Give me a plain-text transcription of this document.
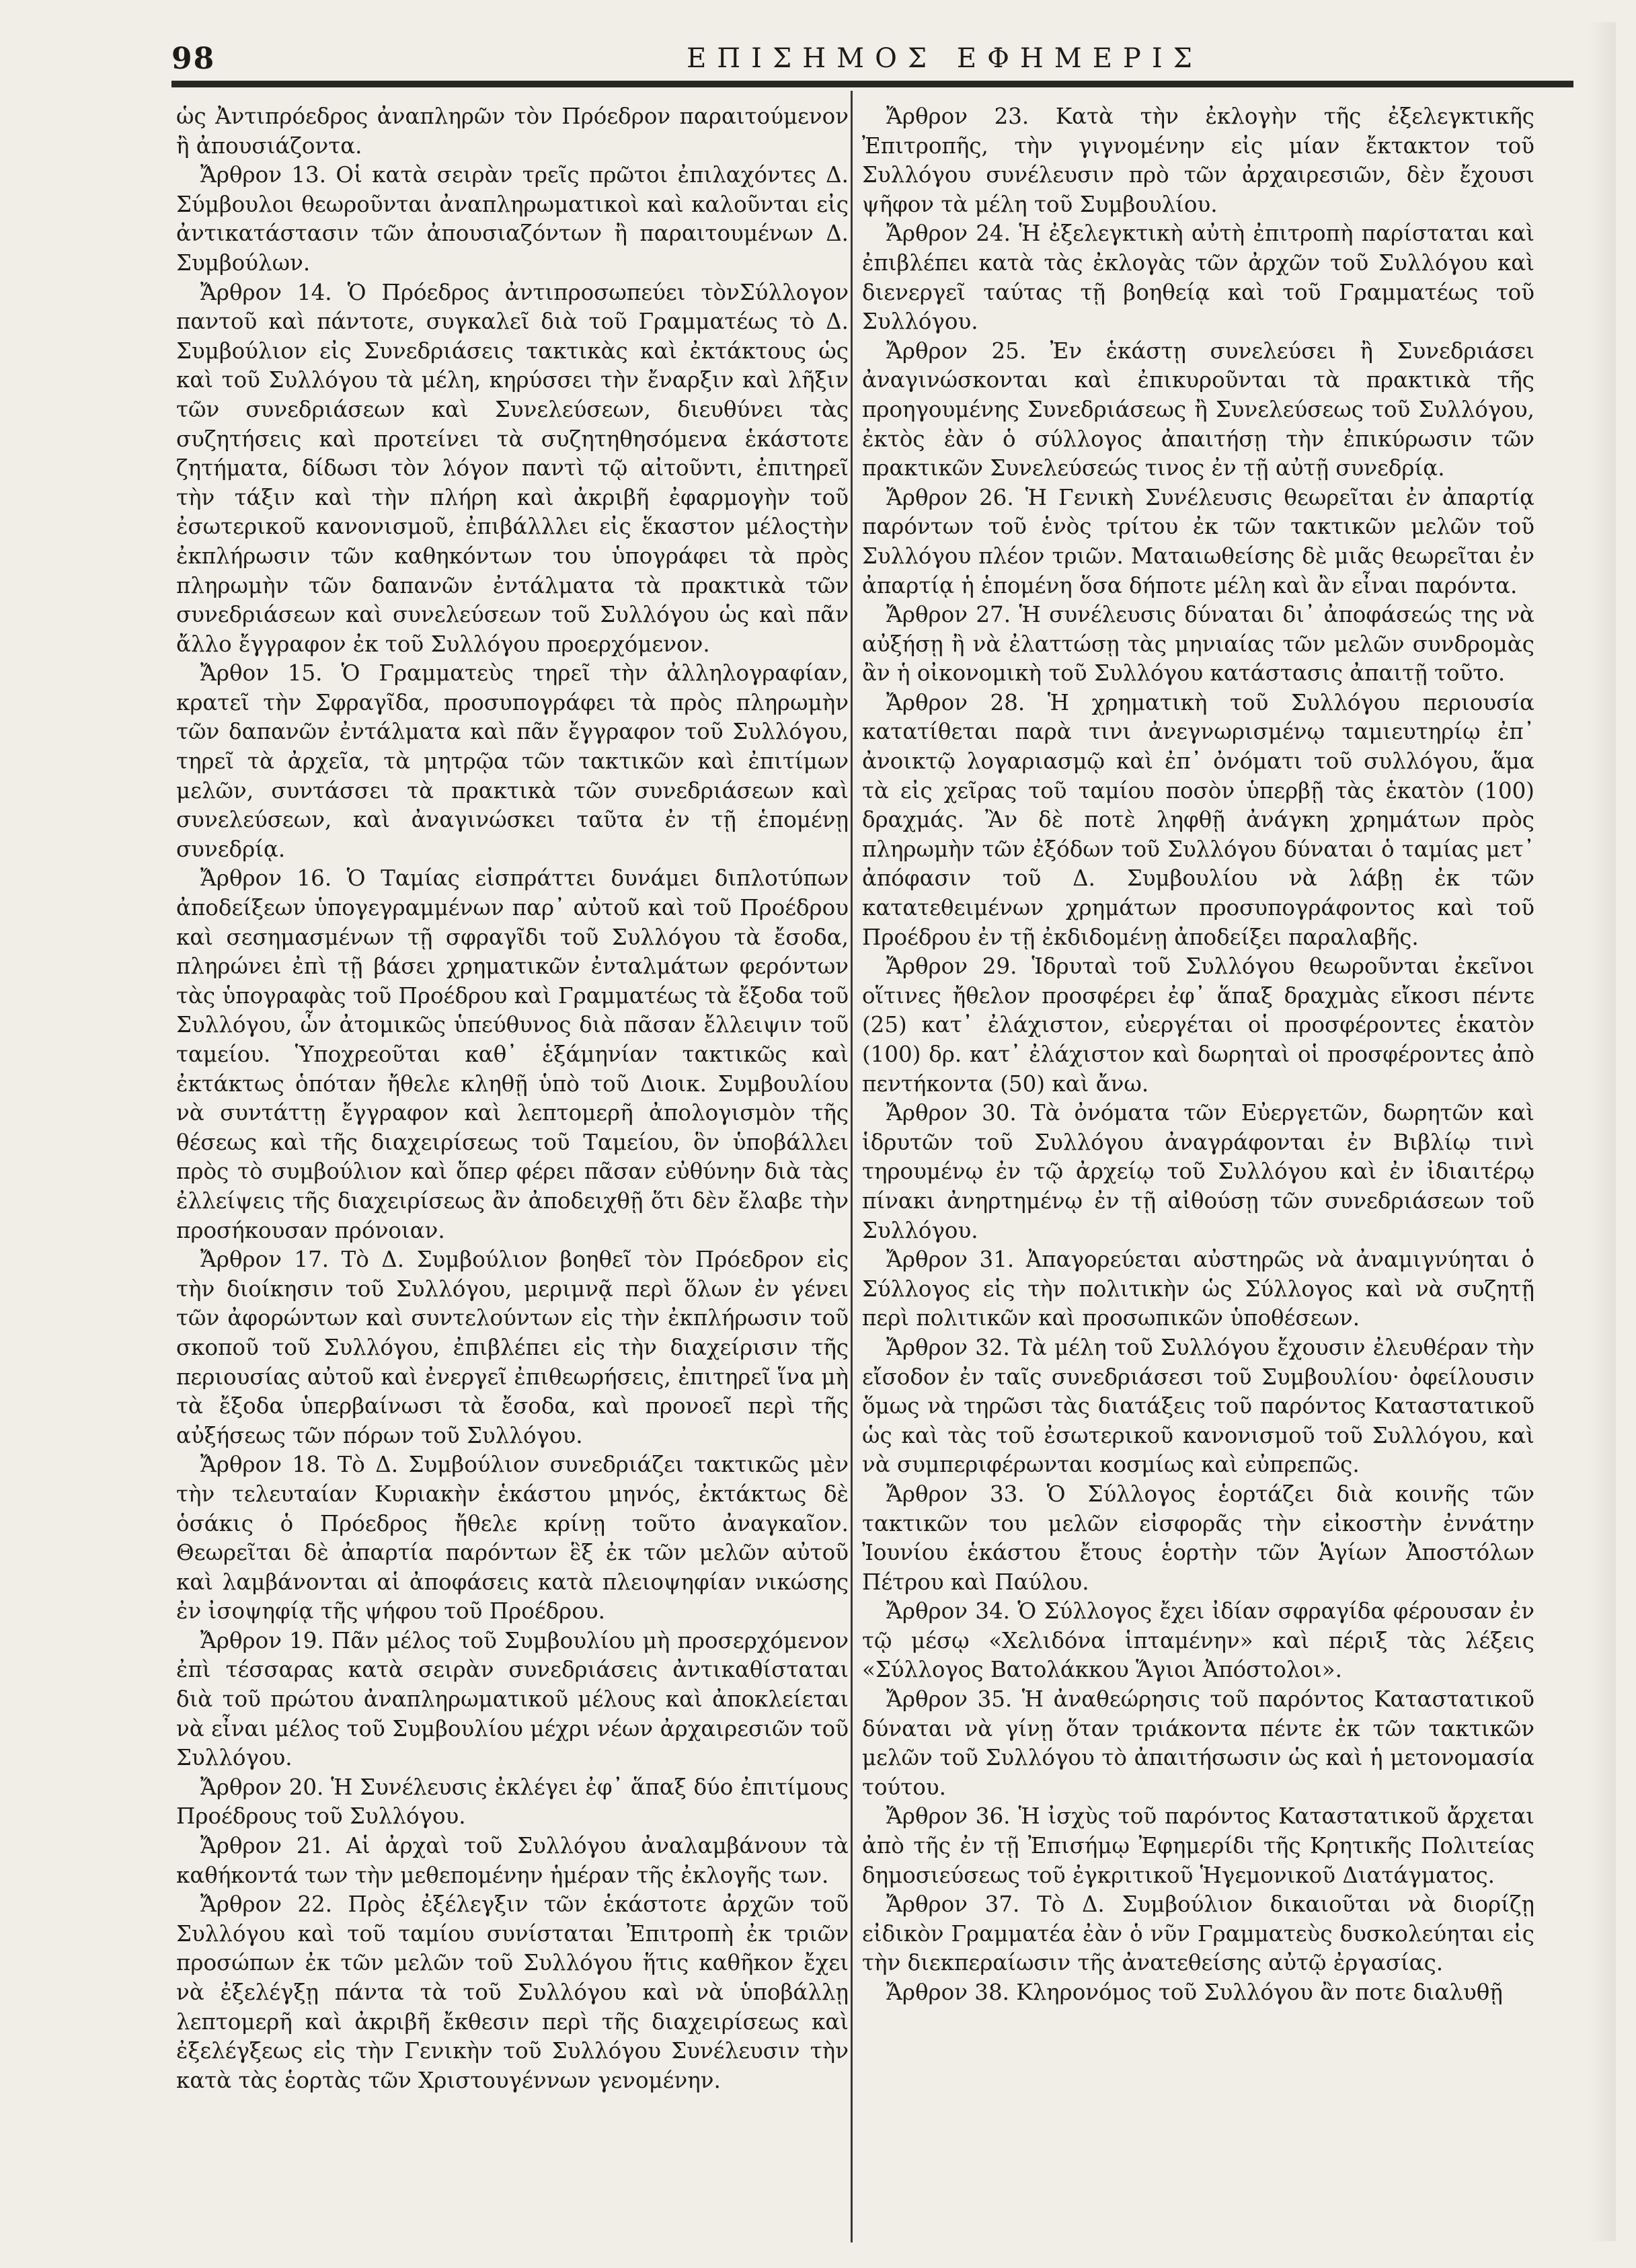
98	ΕΠΙΣΗΜΟΣ ΕΦΗΜΕΡΙΣ

ὡς Ἀντιπρόεδρος ἀναπληρῶν τὸν Πρόεδρον παραιτούμενον ἢ ἀπουσιάζοντα.

Ἄρθρον 13. Οἱ κατὰ σειρὰν τρεῖς πρῶτοι ἐπιλαχόντες Δ. Σύμβουλοι θεωροῦνται ἀναπληρωματικοὶ καὶ καλοῦνται εἰς ἀντικατάστασιν τῶν ἀπουσιαζόντων ἢ παραιτουμένων Δ. Συμβούλων.

Ἄρθρον 14. Ὁ Πρόεδρος ἀντιπροσωπεύει τὸνΣύλλογον παντοῦ καὶ πάντοτε, συγκαλεῖ διὰ τοῦ Γραμματέως τὸ Δ. Συμβούλιον εἰς Συνεδριάσεις τακτικὰς καὶ ἐκτάκτους ὡς καὶ τοῦ Συλλόγου τὰ μέλη, κηρύσσει τὴν ἔναρξιν καὶ λῆξιν τῶν συνεδριάσεων καὶ Συνελεύσεων, διευθύνει τὰς συζητήσεις καὶ προτείνει τὰ συζητηθησόμενα ἑκάστοτε ζητήματα, δίδωσι τὸν λόγον παντὶ τῷ αἰτοῦντι, ἐπιτηρεῖ τὴν τάξιν καὶ τὴν πλήρη καὶ ἀκριβῆ ἐφαρμογὴν τοῦ ἐσωτερικοῦ κανονισμοῦ, ἐπιβάλλλει εἰς ἕκαστον μέλοςτὴν ἐκπλήρωσιν τῶν καθηκόντων του ὑπογράφει τὰ πρὸς πληρωμὴν τῶν δαπανῶν ἐντάλματα τὰ πρακτικὰ τῶν συνεδριάσεων καὶ συνελεύσεων τοῦ Συλλόγου ὡς καὶ πᾶν ἄλλο ἔγγραφον ἐκ τοῦ Συλλόγου προερχόμενον.

Ἄρθον 15. Ὁ Γραμματεὺς τηρεῖ τὴν ἀλληλογραφίαν, κρατεῖ τὴν Σφραγῖδα, προσυπογράφει τὰ πρὸς πληρωμὴν τῶν δαπανῶν ἐντάλματα καὶ πᾶν ἔγγραφον τοῦ Συλλόγου, τηρεῖ τὰ ἀρχεῖα, τὰ μητρῷα τῶν τακτικῶν καὶ ἐπιτίμων μελῶν, συντάσσει τὰ πρακτικὰ τῶν συνεδριάσεων καὶ συνελεύσεων, καὶ ἀναγινώσκει ταῦτα ἐν τῇ ἑπομένῃ συνεδρίᾳ.

Ἄρθρον 16. Ὁ Ταμίας εἰσπράττει δυνάμει διπλοτύπων ἀποδείξεων ὑπογεγραμμένων παρ᾽ αὐτοῦ καὶ τοῦ Προέδρου καὶ σεσημασμένων τῇ σφραγῖδι τοῦ Συλλόγου τὰ ἔσοδα, πληρώνει ἐπὶ τῇ βάσει χρηματικῶν ἐνταλμάτων φερόντων τὰς ὑπογραφὰς τοῦ Προέδρου καὶ Γραμματέως τὰ ἔξοδα τοῦ Συλλόγου, ὧν ἀτομικῶς ὑπεύθυνος διὰ πᾶσαν ἔλλειψιν τοῦ ταμείου. Ὑποχρεοῦται καθ᾽ ἑξάμηνίαν τακτικῶς καὶ ἐκτάκτως ὁπόταν ἤθελε κληθῇ ὑπὸ τοῦ Διοικ. Συμβουλίου νὰ συντάττῃ ἔγγραφον καὶ λεπτομερῆ ἀπολογισμὸν τῆς θέσεως καὶ τῆς διαχειρίσεως τοῦ Ταμείου, ὃν ὑποβάλλει πρὸς τὸ συμβούλιον καὶ ὅπερ φέρει πᾶσαν εὐθύνην διὰ τὰς ἐλλείψεις τῆς διαχειρίσεως ἂν ἀποδειχθῇ ὅτι δὲν ἔλαβε τὴν προσήκουσαν πρόνοιαν.

Ἄρθρον 17. Τὸ Δ. Συμβούλιον βοηθεῖ τὸν Πρόεδρον εἰς τὴν διοίκησιν τοῦ Συλλόγου, μεριμνᾷ περὶ ὅλων ἐν γένει τῶν ἀφορώντων καὶ συντελούντων εἰς τὴν ἐκπλήρωσιν τοῦ σκοποῦ τοῦ Συλλόγου, ἐπιβλέπει εἰς τὴν διαχείρισιν τῆς περιουσίας αὐτοῦ καὶ ἐνεργεῖ ἐπιθεωρήσεις, ἐπιτηρεῖ ἵνα μὴ τὰ ἔξοδα ὑπερβαίνωσι τὰ ἔσοδα, καὶ προνοεῖ περὶ τῆς αὐξήσεως τῶν πόρων τοῦ Συλλόγου.

Ἄρθρον 18. Τὸ Δ. Συμβούλιον συνεδριάζει τακτικῶς μὲν τὴν τελευταίαν Κυριακὴν ἑκάστου μηνός, ἐκτάκτως δὲ ὁσάκις ὁ Πρόεδρος ἤθελε κρίνῃ τοῦτο ἀναγκαῖον. Θεωρεῖται δὲ ἀπαρτία παρόντων ἓξ ἐκ τῶν μελῶν αὐτοῦ καὶ λαμβάνονται αἱ ἀποφάσεις κατὰ πλειοψηφίαν νικώσης ἐν ἰσοψηφίᾳ τῆς ψήφου τοῦ Προέδρου.

Ἄρθρον 19. Πᾶν μέλος τοῦ Συμβουλίου μὴ προσερχόμενον ἐπὶ τέσσαρας κατὰ σειρὰν συνεδριάσεις ἀντικαθίσταται διὰ τοῦ πρώτου ἀναπληρωματικοῦ μέλους καὶ ἀποκλείεται νὰ εἶναι μέλος τοῦ Συμβουλίου μέχρι νέων ἀρχαιρεσιῶν τοῦ Συλλόγου.

Ἄρθρον 20. Ἡ Συνέλευσις ἐκλέγει ἐφ᾽ ἅπαξ δύο ἐπιτίμους Προέδρους τοῦ Συλλόγου.

Ἄρθρον 21. Αἱ ἀρχαὶ τοῦ Συλλόγου ἀναλαμβάνουν τὰ καθήκοντά των τὴν μεθεπομένην ἡμέραν τῆς ἐκλογῆς των.

Ἄρθρον 22. Πρὸς ἐξέλεγξιν τῶν ἑκάστοτε ἀρχῶν τοῦ Συλλόγου καὶ τοῦ ταμίου συνίσταται Ἐπιτροπὴ ἐκ τριῶν προσώπων ἐκ τῶν μελῶν τοῦ Συλλόγου ἥτις καθῆκον ἔχει νὰ ἐξελέγξῃ πάντα τὰ τοῦ Συλλόγου καὶ νὰ ὑποβάλλῃ λεπτομερῆ καὶ ἀκριβῆ ἔκθεσιν περὶ τῆς διαχειρίσεως καὶ ἐξελέγξεως εἰς τὴν Γενικὴν τοῦ Συλλόγου Συνέλευσιν τὴν κατὰ τὰς ἑορτὰς τῶν Χριστουγέννων γενομένην.

Ἄρθρον 23. Κατὰ τὴν ἐκλογὴν τῆς ἐξελεγκτικῆς Ἐπιτροπῆς, τὴν γιγνομένην εἰς μίαν ἔκτακτον τοῦ Συλλόγου συνέλευσιν πρὸ τῶν ἀρχαιρεσιῶν, δὲν ἔχουσι ψῆφον τὰ μέλη τοῦ Συμβουλίου.

Ἄρθρον 24. Ἡ ἐξελεγκτικὴ αὐτὴ ἐπιτροπὴ παρίσταται καὶ ἐπιβλέπει κατὰ τὰς ἐκλογὰς τῶν ἀρχῶν τοῦ Συλλόγου καὶ διενεργεῖ ταύτας τῇ βοηθείᾳ καὶ τοῦ Γραμματέως τοῦ Συλλόγου.

Ἄρθρον 25. Ἐν ἑκάστῃ συνελεύσει ἢ Συνεδριάσει ἀναγινώσκονται καὶ ἐπικυροῦνται τὰ πρακτικὰ τῆς προηγουμένης Συνεδριάσεως ἢ Συνελεύσεως τοῦ Συλλόγου, ἐκτὸς ἐὰν ὁ σύλλογος ἀπαιτήσῃ τὴν ἐπικύρωσιν τῶν πρακτικῶν Συνελεύσεώς τινος ἐν τῇ αὐτῇ συνεδρίᾳ.

Ἄρθρον 26. Ἡ Γενικὴ Συνέλευσις θεωρεῖται ἐν ἀπαρτίᾳ παρόντων τοῦ ἑνὸς τρίτου ἐκ τῶν τακτικῶν μελῶν τοῦ Συλλόγου πλέον τριῶν. Ματαιωθείσης δὲ μιᾶς θεωρεῖται ἐν ἀπαρτίᾳ ἡ ἑπομένη ὅσα δήποτε μέλη καὶ ἂν εἶναι παρόντα.

Ἄρθρον 27. Ἡ συνέλευσις δύναται δι᾽ ἀποφάσεώς της νὰ αὐξήσῃ ἢ νὰ ἐλαττώσῃ τὰς μηνιαίας τῶν μελῶν συνδρομὰς ἂν ἡ οἰκονομικὴ τοῦ Συλλόγου κατάστασις ἀπαιτῇ τοῦτο.

Ἄρθρον 28. Ἡ χρηματικὴ τοῦ Συλλόγου περιουσία κατατίθεται παρὰ τινι ἀνεγνωρισμένῳ ταμιευτηρίῳ ἐπ᾽ ἀνοικτῷ λογαριασμῷ καὶ ἐπ᾽ ὀνόματι τοῦ συλλόγου, ἅμα τὰ εἰς χεῖρας τοῦ ταμίου ποσὸν ὑπερβῇ τὰς ἑκατὸν (100) δραχμάς. Ἂν δὲ ποτὲ ληφθῇ ἀνάγκη χρημάτων πρὸς πληρωμὴν τῶν ἐξόδων τοῦ Συλλόγου δύναται ὁ ταμίας μετ᾽ ἀπόφασιν τοῦ Δ. Συμβουλίου νὰ λάβῃ ἐκ τῶν κατατεθειμένων χρημάτων προσυπογράφοντος καὶ τοῦ Προέδρου ἐν τῇ ἐκδιδομένῃ ἀποδείξει παραλαβῆς.

Ἄρθρον 29. Ἱδρυταὶ τοῦ Συλλόγου θεωροῦνται ἐκεῖνοι οἵτινες ἤθελον προσφέρει ἐφ᾽ ἅπαξ δραχμὰς εἴκοσι πέντε (25) κατ᾽ ἐλάχιστον, εὐεργέται οἱ προσφέροντες ἑκατὸν (100) δρ. κατ᾽ ἐλάχιστον καὶ δωρηταὶ οἱ προσφέροντες ἀπὸ πεντήκοντα (50) καὶ ἄνω.

Ἄρθρον 30. Τὰ ὀνόματα τῶν Εὐεργετῶν, δωρητῶν καὶ ἱδρυτῶν τοῦ Συλλόγου ἀναγράφονται ἐν Βιβλίῳ τινὶ τηρουμένῳ ἐν τῷ ἀρχείῳ τοῦ Συλλόγου καὶ ἐν ἰδιαιτέρῳ πίνακι ἀνηρτημένῳ ἐν τῇ αἰθούσῃ τῶν συνεδριάσεων τοῦ Συλλόγου.

Ἄρθρον 31. Ἀπαγορεύεται αὐστηρῶς νὰ ἀναμιγνύηται ὁ Σύλλογος εἰς τὴν πολιτικὴν ὡς Σύλλογος καὶ νὰ συζητῇ περὶ πολιτικῶν καὶ προσωπικῶν ὑποθέσεων.

Ἄρθρον 32. Τὰ μέλη τοῦ Συλλόγου ἔχουσιν ἐλευθέραν τὴν εἴσοδον ἐν ταῖς συνεδριάσεσι τοῦ Συμβουλίου· ὀφείλουσιν ὅμως νὰ τηρῶσι τὰς διατάξεις τοῦ παρόντος Καταστατικοῦ ὡς καὶ τὰς τοῦ ἐσωτερικοῦ κανονισμοῦ τοῦ Συλλόγου, καὶ νὰ συμπεριφέρωνται κοσμίως καὶ εὐπρεπῶς.

Ἄρθρον 33. Ὁ Σύλλογος ἑορτάζει διὰ κοινῆς τῶν τακτικῶν του μελῶν εἰσφορᾶς τὴν εἰκοστὴν ἐννάτην Ἰουνίου ἑκάστου ἔτους ἑορτὴν τῶν Ἁγίων Ἀποστόλων Πέτρου καὶ Παύλου.

Ἄρθρον 34. Ὁ Σύλλογος ἔχει ἰδίαν σφραγίδα φέρουσαν ἐν τῷ μέσῳ «Χελιδόνα ἱπταμένην» καὶ πέριξ τὰς λέξεις «Σύλλογος Βατολάκκου Ἅγιοι Ἀπόστολοι».

Ἄρθρον 35. Ἡ ἀναθεώρησις τοῦ παρόντος Καταστατικοῦ δύναται νὰ γίνῃ ὅταν τριάκοντα πέντε ἐκ τῶν τακτικῶν μελῶν τοῦ Συλλόγου τὸ ἀπαιτήσωσιν ὡς καὶ ἡ μετονομασία τούτου.

Ἄρθρον 36. Ἡ ἰσχὺς τοῦ παρόντος Καταστατικοῦ ἄρχεται ἀπὸ τῆς ἐν τῇ Ἐπισήμῳ Ἐφημερίδι τῆς Κρητικῆς Πολιτείας δημοσιεύσεως τοῦ ἐγκριτικοῦ Ἡγεμονικοῦ Διατάγματος.

Ἄρθρον 37. Τὸ Δ. Συμβούλιον δικαιοῦται νὰ διορίζῃ εἰδικὸν Γραμματέα ἐὰν ὁ νῦν Γραμματεὺς δυσκολεύηται εἰς τὴν διεκπεραίωσιν τῆς ἀνατεθείσης αὐτῷ ἐργασίας.

Ἄρθρον 38. Κληρονόμος τοῦ Συλλόγου ἂν ποτε διαλυθῇ
